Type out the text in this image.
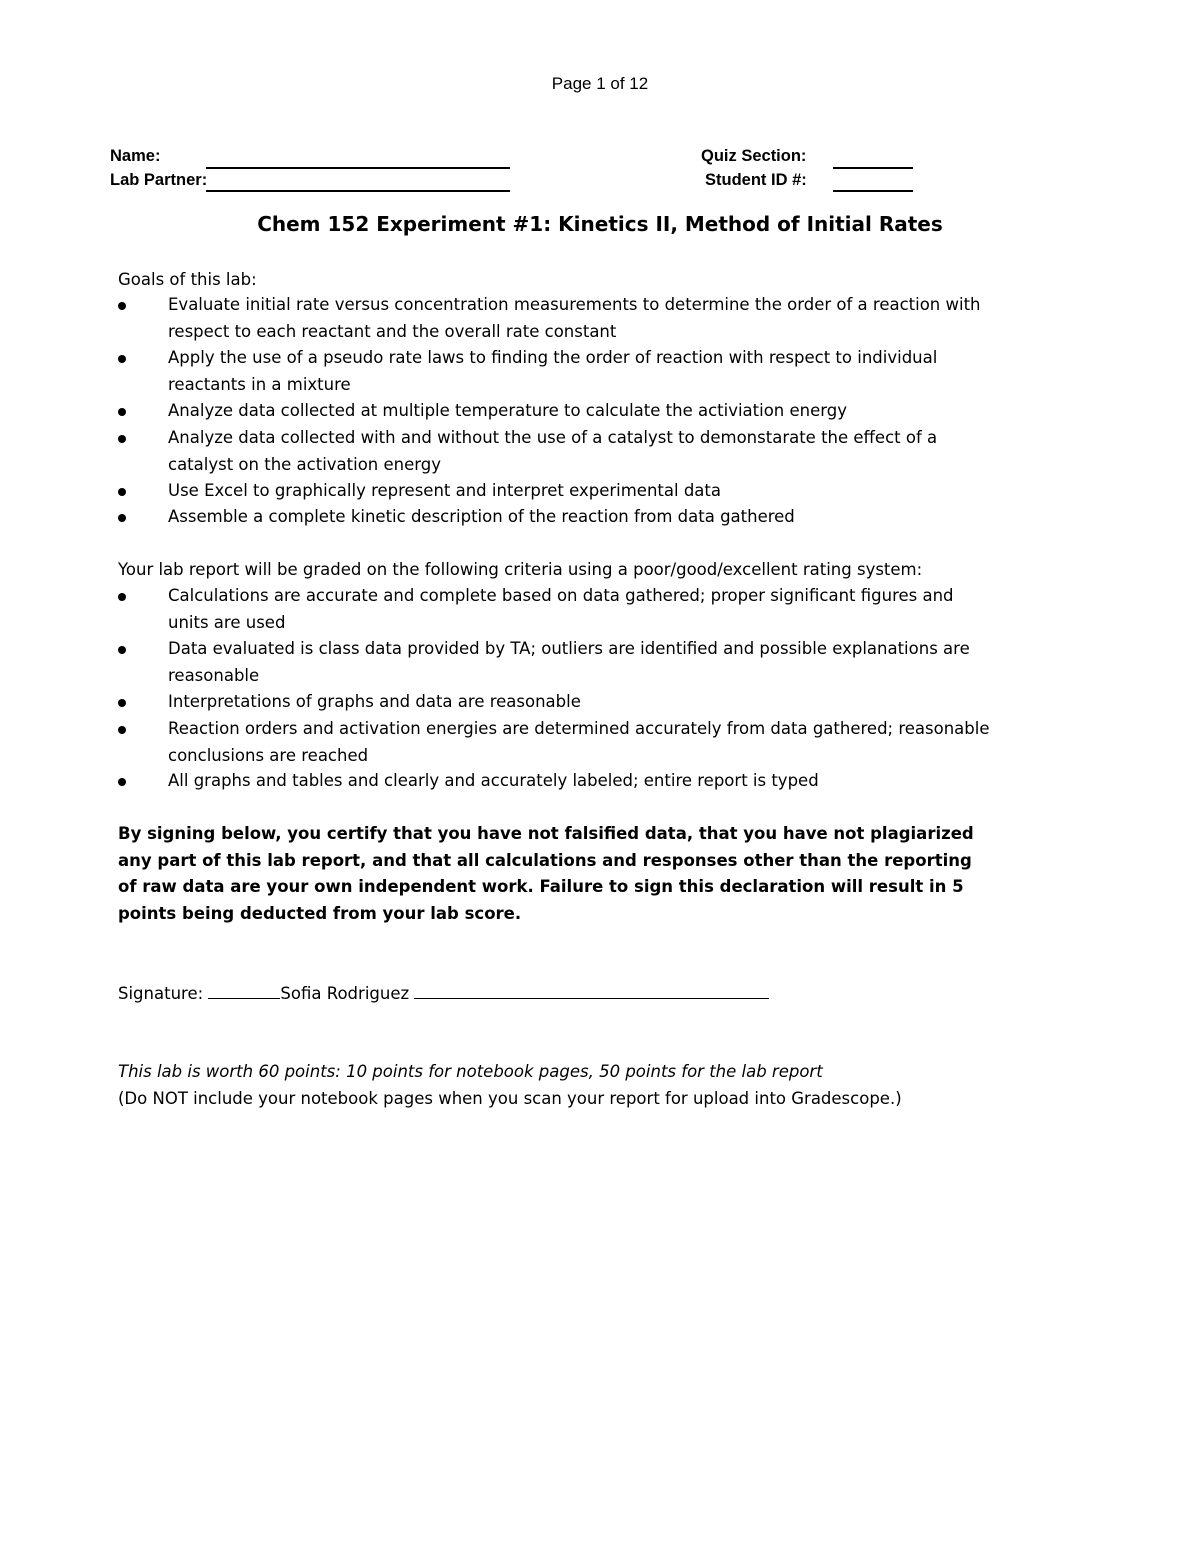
Page 1 of 12
Name:
Lab Partner:
Quiz Section:
Student ID #:
Chem 152 Experiment #1: Kinetics II, Method of Initial Rates
Goals of this lab:
Evaluate initial rate versus concentration measurements to determine the order of a reaction with respect to each reactant and the overall rate constant
Apply the use of a pseudo rate laws to finding the order of reaction with respect to individual reactants in a mixture
Analyze data collected at multiple temperature to calculate the activiation energy
Analyze data collected with and without the use of a catalyst to demonstarate the effect of a catalyst on the activation energy
Use Excel to graphically represent and interpret experimental data
Assemble a complete kinetic description of the reaction from data gathered
Your lab report will be graded on the following criteria using a poor/good/excellent rating system:
Calculations are accurate and complete based on data gathered; proper significant figures and units are used
Data evaluated is class data provided by TA; outliers are identified and possible explanations are reasonable
Interpretations of graphs and data are reasonable
Reaction orders and activation energies are determined accurately from data gathered; reasonable conclusions are reached
All graphs and tables and clearly and accurately labeled; entire report is typed
By signing below, you certify that you have not falsified data, that you have not plagiarized any part of this lab report, and that all calculations and responses other than the reporting of raw data are your own independent work. Failure to sign this declaration will result in 5 points being deducted from your lab score.
Signature:	Sofia Rodriguez
This lab is worth 60 points: 10 points for notebook pages, 50 points for the lab report
(Do NOT include your notebook pages when you scan your report for upload into Gradescope.)
